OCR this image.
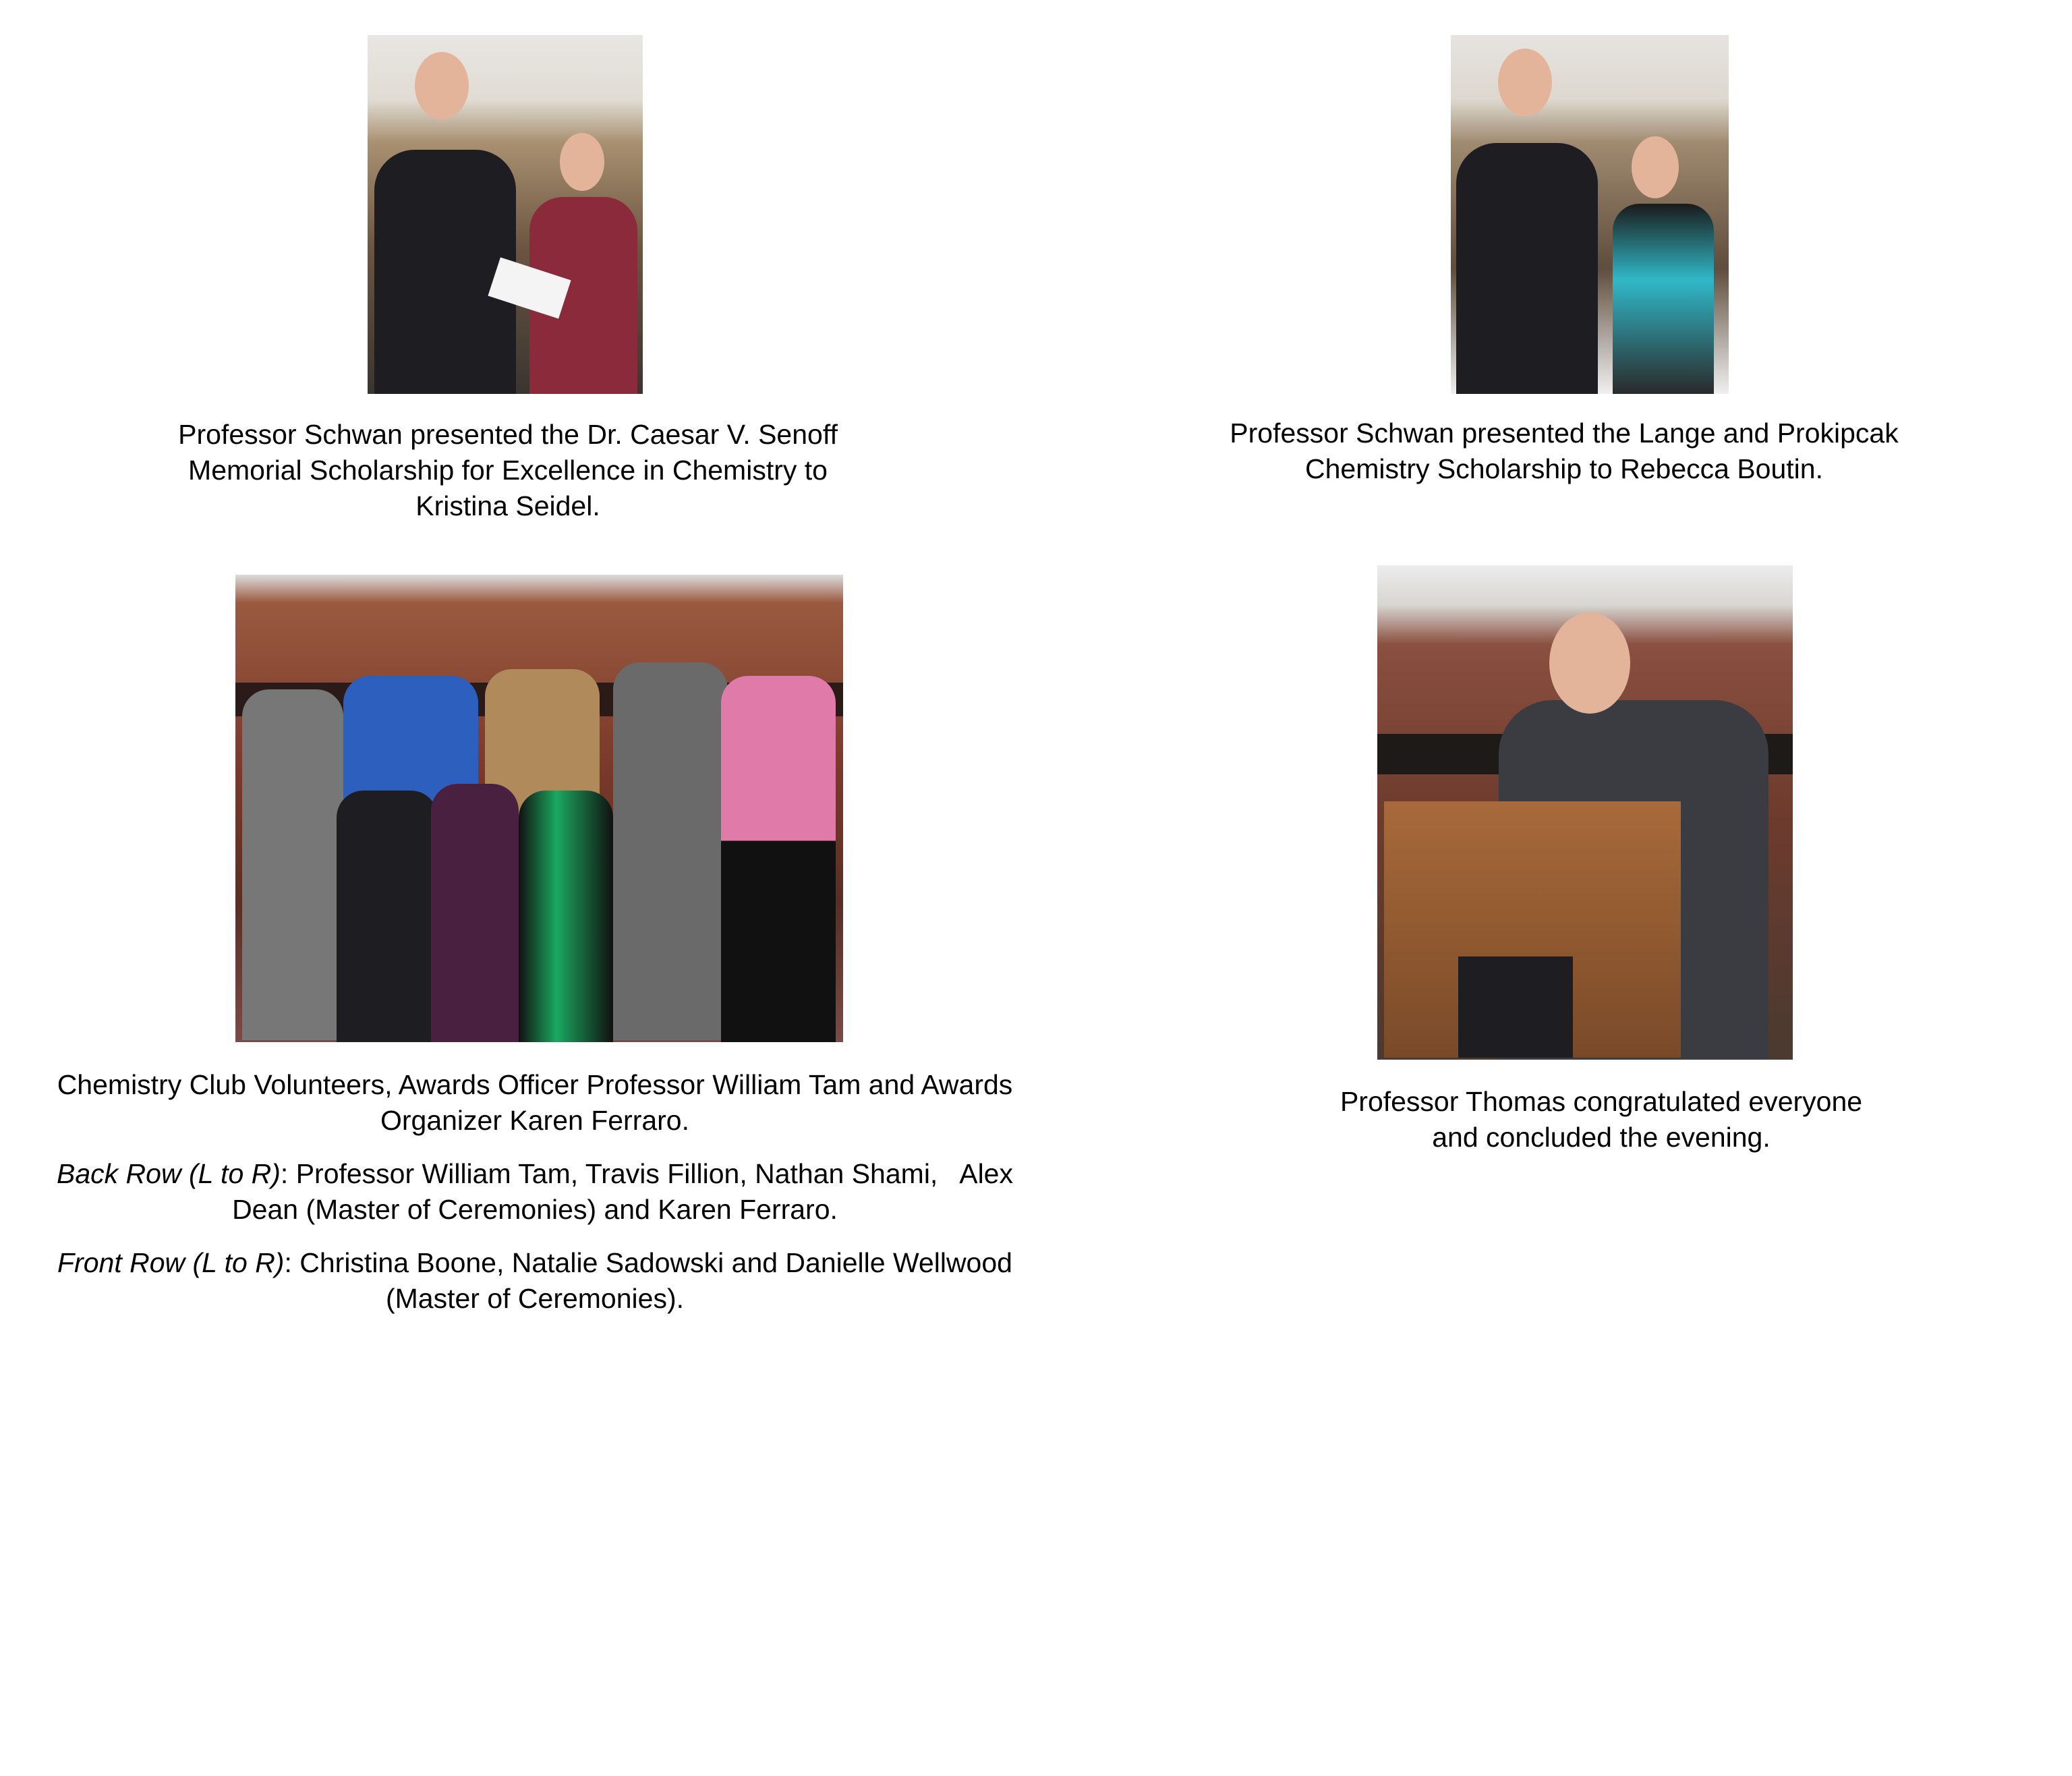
Professor Schwan presented the Dr. Caesar V. Senoff
Memorial Scholarship for Excellence in Chemistry to
Kristina Seidel.
Professor Schwan presented the Lange and Prokipcak
Chemistry Scholarship to Rebecca Boutin.

Chemistry Club Volunteers, Awards Officer Professor William Tam and Awards
Organizer Karen Ferraro.

Back Row (L to R): Professor William Tam, Travis Fillion, Nathan Shami,   Alex
Dean (Master of Ceremonies) and Karen Ferraro.

Front Row (L to R): Christina Boone, Natalie Sadowski and Danielle Wellwood
(Master of Ceremonies).

Professor Thomas congratulated everyone
and concluded the evening.
